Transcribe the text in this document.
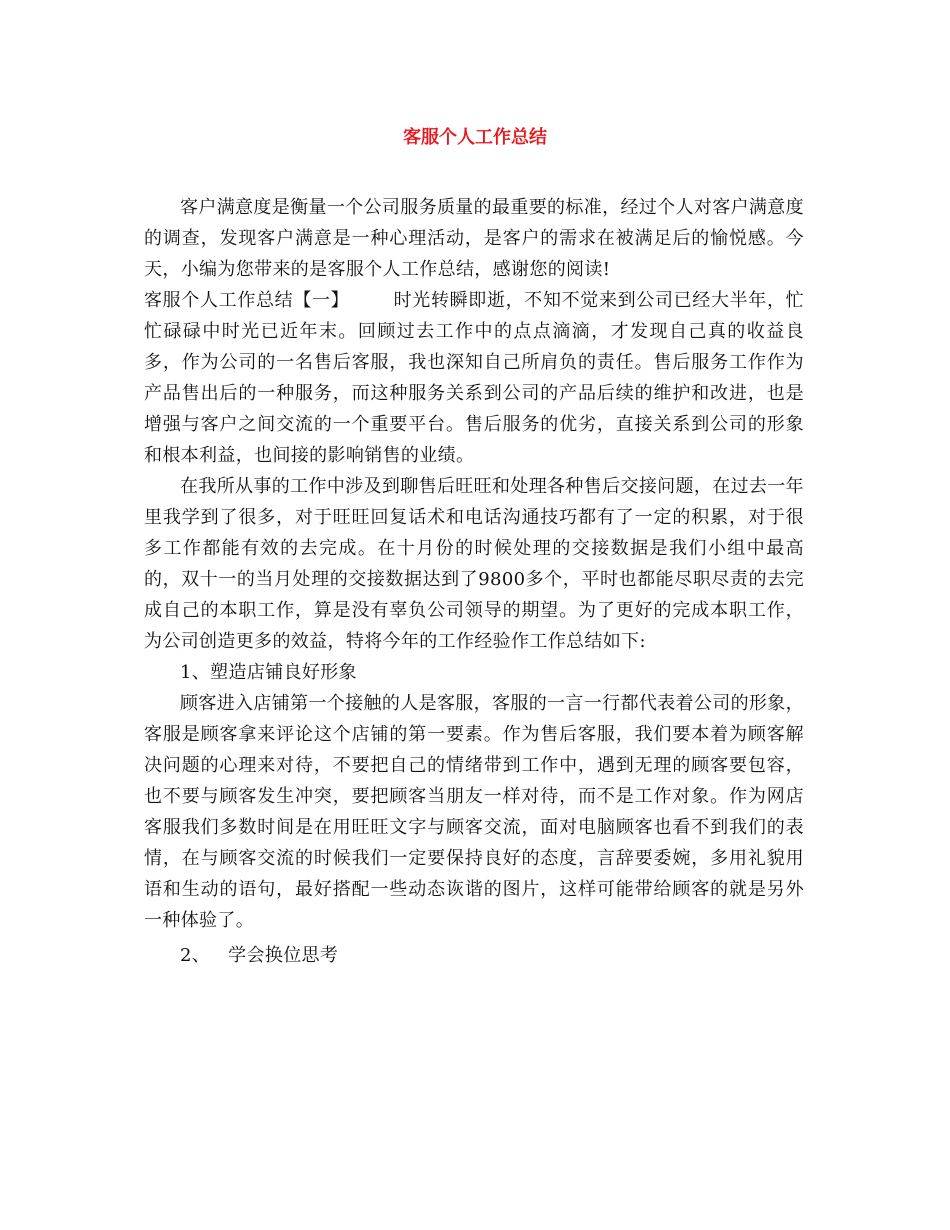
客服个人工作总结

客户满意度是衡量一个公司服务质量的最重要的标准，经过个人对客户满意度的调查，发现客户满意是一种心理活动，是客户的需求在被满足后的愉悦感。今天，小编为您带来的是客服个人工作总结，感谢您的阅读!

客服个人工作总结【一】 时光转瞬即逝，不知不觉来到公司已经大半年，忙忙碌碌中时光已近年末。回顾过去工作中的点点滴滴，才发现自己真的收益良多，作为公司的一名售后客服，我也深知自己所肩负的责任。售后服务工作作为产品售出后的一种服务，而这种服务关系到公司的产品后续的维护和改进，也是增强与客户之间交流的一个重要平台。售后服务的优劣，直接关系到公司的形象和根本利益，也间接的影响销售的业绩。

在我所从事的工作中涉及到聊售后旺旺和处理各种售后交接问题，在过去一年里我学到了很多，对于旺旺回复话术和电话沟通技巧都有了一定的积累，对于很多工作都能有效的去完成。在十月份的时候处理的交接数据是我们小组中最高的，双十一的当月处理的交接数据达到了9800多个，平时也都能尽职尽责的去完成自己的本职工作，算是没有辜负公司领导的期望。为了更好的完成本职工作，为公司创造更多的效益，特将今年的工作经验作工作总结如下:

1、塑造店铺良好形象

顾客进入店铺第一个接触的人是客服，客服的一言一行都代表着公司的形象，客服是顾客拿来评论这个店铺的第一要素。作为售后客服，我们要本着为顾客解决问题的心理来对待，不要把自己的情绪带到工作中，遇到无理的顾客要包容，也不要与顾客发生冲突，要把顾客当朋友一样对待，而不是工作对象。作为网店客服我们多数时间是在用旺旺文字与顾客交流，面对电脑顾客也看不到我们的表情，在与顾客交流的时候我们一定要保持良好的态度，言辞要委婉，多用礼貌用语和生动的语句，最好搭配一些动态诙谐的图片，这样可能带给顾客的就是另外一种体验了。

2、 学会换位思考
